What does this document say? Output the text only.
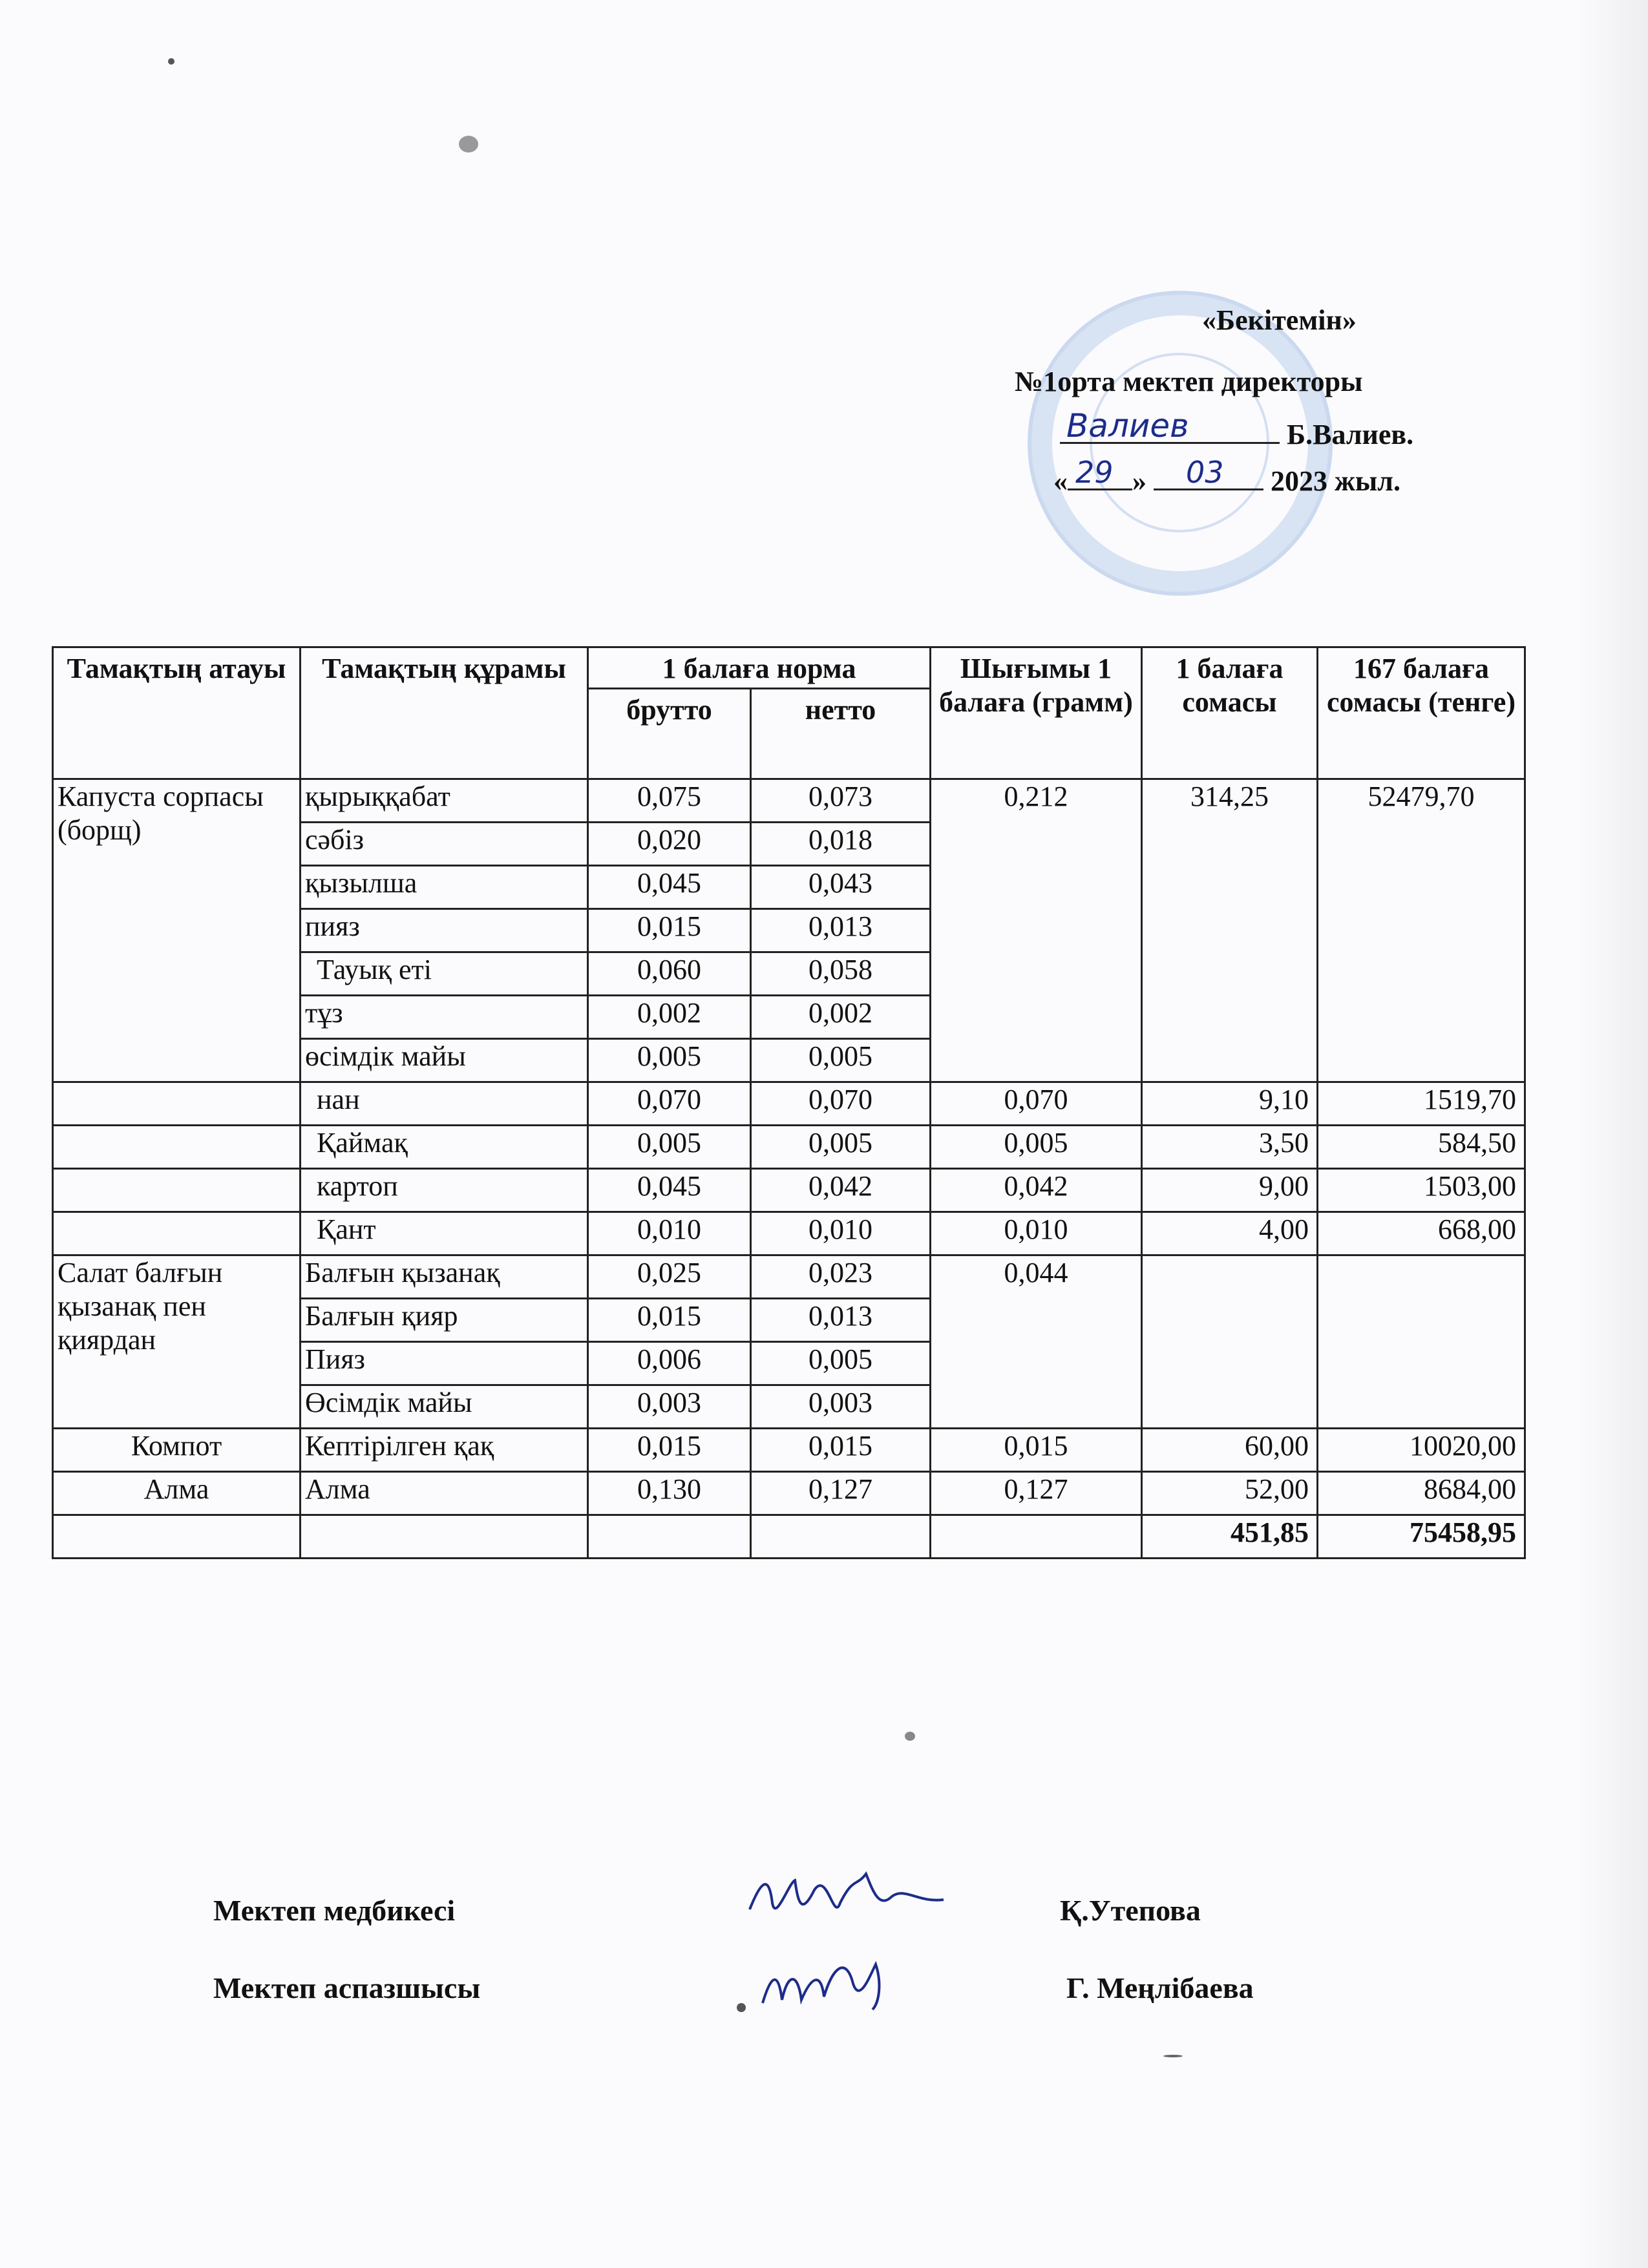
«Бекітемін»
№1орта мектеп директоры
Валиев	Б.Валиев.
« 29 » 03 2023 жыл.
Тамақтың атауы	Тамақтың құрамы	1 балаға норма		Шығымы 1 балаға (грамм)	1 балаға сомасы	167 балаға сомасы (тенге)
		брутто	нетто			
Капуста сорпасы (борщ)	қырыққабат	0,075	0,073	0,212	314,25	52479,70
	сәбіз	0,020	0,018			
	қызылша	0,045	0,043			
	пияз	0,015	0,013			
	Тауық еті	0,060	0,058			
	тұз	0,002	0,002			
	өсімдік майы	0,005	0,005			
	нан	0,070	0,070	0,070	9,10	1519,70
	Қаймақ	0,005	0,005	0,005	3,50	584,50
	картоп	0,045	0,042	0,042	9,00	1503,00
	Қант	0,010	0,010	0,010	4,00	668,00
Салат балғын қызанақ пен қиярдан	Балғын қызанақ	0,025	0,023	0,044		
	Балғын қияр	0,015	0,013			
	Пияз	0,006	0,005			
	Өсімдік майы	0,003	0,003			
Компот	Кептірілген қақ	0,015	0,015	0,015	60,00	10020,00
Алма	Алма	0,130	0,127	0,127	52,00	8684,00
					451,85	75458,95
Мектеп медбикесі	Қ.Утепова
Мектеп аспазшысы	Г. Меңлібаева
